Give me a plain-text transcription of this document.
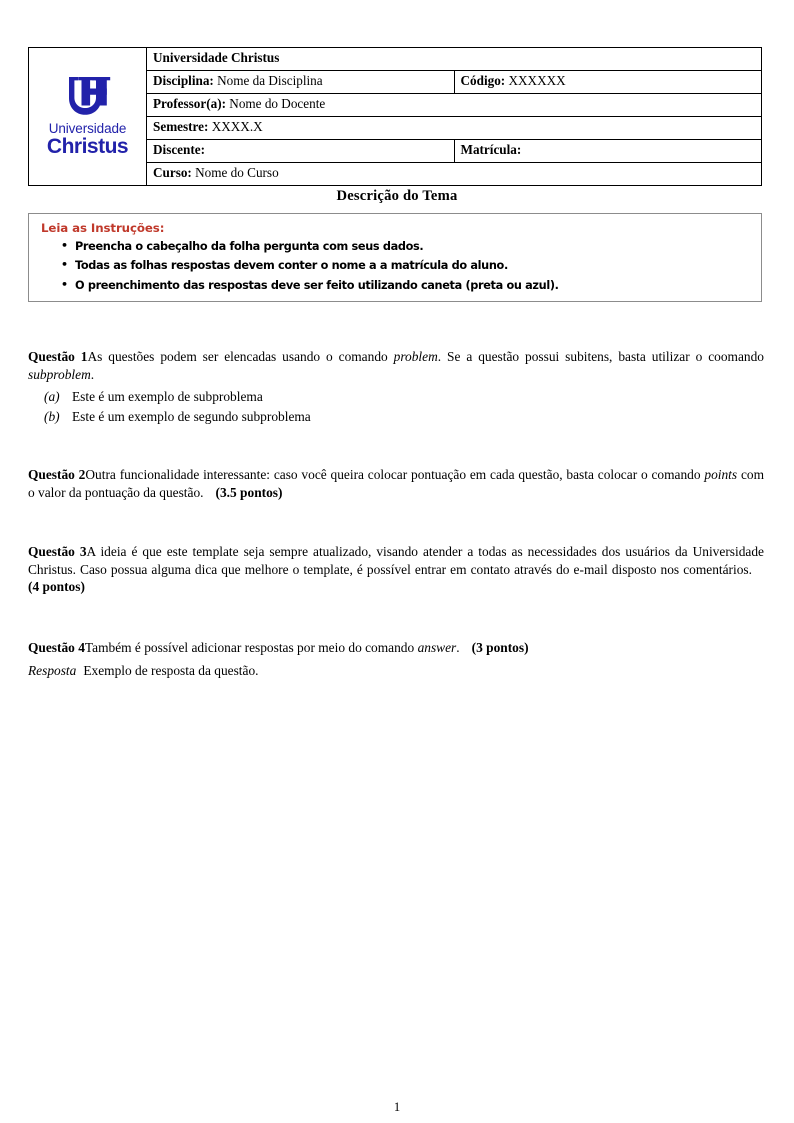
Universidade
Christus	Universidade Christus	
	Disciplina: Nome da Disciplina	Código: XXXXXX
	Professor(a): Nome do Docente	
	Semestre: XXXX.X	
	Discente:	Matrícula:
	Curso: Nome do Curso	
Descrição do Tema
Leia as Instruções:
• Preencha o cabeçalho da folha pergunta com seus dados.
• Todas as folhas respostas devem conter o nome a a matrícula do aluno.
• O preenchimento das respostas deve ser feito utilizando caneta (preta ou azul).
Questão 1As questões podem ser elencadas usando o comando problem. Se a questão possui subitens, basta utilizar o coomando subproblem.
(a) Este é um exemplo de subproblema
(b) Este é um exemplo de segundo subproblema
Questão 2Outra funcionalidade interessante: caso você queira colocar pontuação em cada questão, basta colocar o comando points com o valor da pontuação da questão. (3.5 pontos)
Questão 3A ideia é que este template seja sempre atualizado, visando atender a todas as necessidades dos usuários da Universidade Christus. Caso possua alguma dica que melhore o template, é possível entrar em contato através do e-mail disposto nos comentários.(4 pontos)
Questão 4Também é possível adicionar respostas por meio do comando answer. (3 pontos)
Resposta Exemplo de resposta da questão.
1
